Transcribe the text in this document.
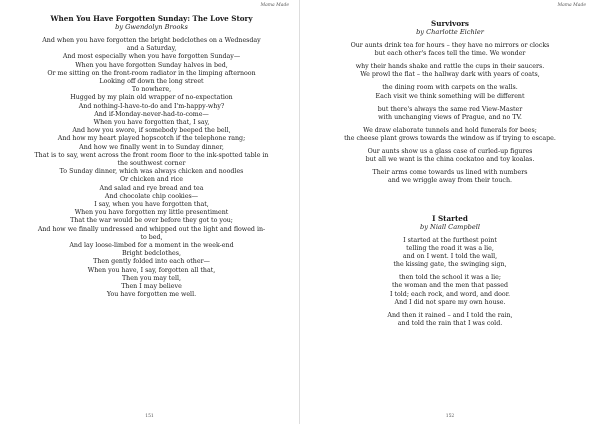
Mama Made
When You Have Forgotten Sunday: The Love Story
by Gwendolyn Brooks
And when you have forgotten the bright bedclothes on a Wednesday
and a Saturday,
And most especially when you have forgotten Sunday—
When you have forgotten Sunday halves in bed,
Or me sitting on the front-room radiator in the limping afternoon
Looking off down the long street
To nowhere,
Hugged by my plain old wrapper of no-expectation
And nothing-I-have-to-do and I'm-happy-why?
And if-Monday-never-had-to-come—
When you have forgotten that, I say,
And how you swore, if somebody beeped the bell,
And how my heart played hopscotch if the telephone rang;
And how we finally went in to Sunday dinner,
That is to say, went across the front room floor to the ink-spotted table in
the southwest corner
To Sunday dinner, which was always chicken and noodles
Or chicken and rice
And salad and rye bread and tea
And chocolate chip cookies—
I say, when you have forgotten that,
When you have forgotten my little presentiment
That the war would be over before they got to you;
And how we finally undressed and whipped out the light and flowed in-
to bed,
And lay loose-limbed for a moment in the week-end
Bright bedclothes,
Then gently folded into each other—
When you have, I say, forgotten all that,
Then you may tell,
Then I may believe
You have forgotten me well.
151
Mama Made
Survivors
by Charlotte Eichler
Our aunts drink tea for hours – they have no mirrors or clocks
but each other's faces tell the time. We wonder
why their hands shake and rattle the cups in their saucers.
We prowl the flat – the hallway dark with years of coats,
the dining room with carpets on the walls.
Each visit we think something will be different
but there's always the same red View-Master
with unchanging views of Prague, and no TV.
We draw elaborate tunnels and hold funerals for bees;
the cheese plant grows towards the window as if trying to escape.
Our aunts show us a glass case of curled-up figures
but all we want is the china cockatoo and toy koalas.
Their arms come towards us lined with numbers
and we wriggle away from their touch.
I Started
by Niall Campbell
I started at the furthest point
telling the road it was a lie,
and on I went. I told the wall,
the kissing gate, the swinging sign,
then told the school it was a lie;
the woman and the men that passed
I told; each rock, and word, and door.
And I did not spare my own house.
And then it rained – and I told the rain,
and told the rain that I was cold.
152
